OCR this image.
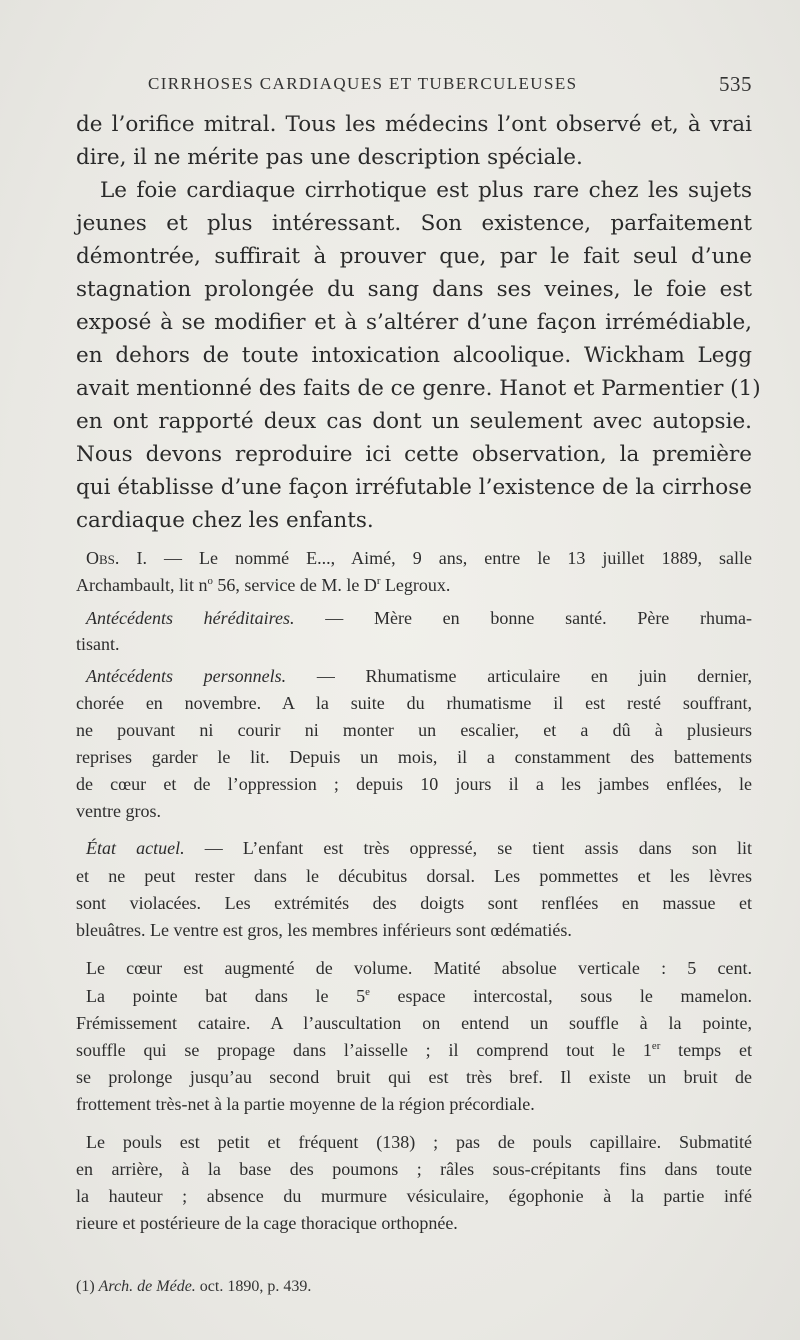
CIRRHOSES CARDIAQUES ET TUBERCULEUSES	535

de l’orifice mitral. Tous les médecins l’ont observé et, à vrai

dire, il ne mérite pas une description spéciale.

Le foie cardiaque cirrhotique est plus rare chez les sujets

jeunes et plus intéressant. Son existence, parfaitement

démontrée, suffirait à prouver que, par le fait seul d’une

stagnation prolongée du sang dans ses veines, le foie est

exposé à se modifier et à s’altérer d’une façon irrémédiable,

en dehors de toute intoxication alcoolique. Wickham Legg

avait mentionné des faits de ce genre. Hanot et Parmentier (1)

en ont rapporté deux cas dont un seulement avec autopsie.

Nous devons reproduire ici cette observation, la première

qui établisse d’une façon irréfutable l’existence de la cirrhose

cardiaque chez les enfants.

Obs. I. — Le nommé E..., Aimé, 9 ans, entre le 13 juillet 1889, salle

Archambault, lit $n^o$ 56, service de M. le $D^r$ Legroux.

Antécédents héréditaires. — Mère en bonne santé. Père rhuma-

tisant.

Antécédents personnels. — Rhumatisme articulaire en juin dernier,

chorée en novembre. A la suite du rhumatisme il est resté souffrant,

ne pouvant ni courir ni monter un escalier, et a dû à plusieurs

reprises garder le lit. Depuis un mois, il a constamment des battements

de cœur et de l’oppression ; depuis 10 jours il a les jambes enflées, le

ventre gros.

État actuel. — L’enfant est très oppressé, se tient assis dans son lit

et ne peut rester dans le décubitus dorsal. Les pommettes et les lèvres

sont violacées. Les extrémités des doigts sont renflées en massue et

bleuâtres. Le ventre est gros, les membres inférieurs sont œdématiés.

Le cœur est augmenté de volume. Matité absolue verticale : 5 cent.

La pointe bat dans le 5e espace intercostal, sous le mamelon.

Frémissement cataire. A l’auscultation on entend un souffle à la pointe,

souffle qui se propage dans l’aisselle ; il comprend tout le 1er temps et

se prolonge jusqu’au second bruit qui est très bref. Il existe un bruit de

frottement très-net à la partie moyenne de la région précordiale.

Le pouls est petit et fréquent (138) ; pas de pouls capillaire. Submatité

en arrière, à la base des poumons ; râles sous-crépitants fins dans toute

la hauteur ; absence du murmure vésiculaire, égophonie à la partie infé

rieure et postérieure de la cage thoracique orthopnée.

(1) Arch. de Méde. oct. 1890, p. 439.
